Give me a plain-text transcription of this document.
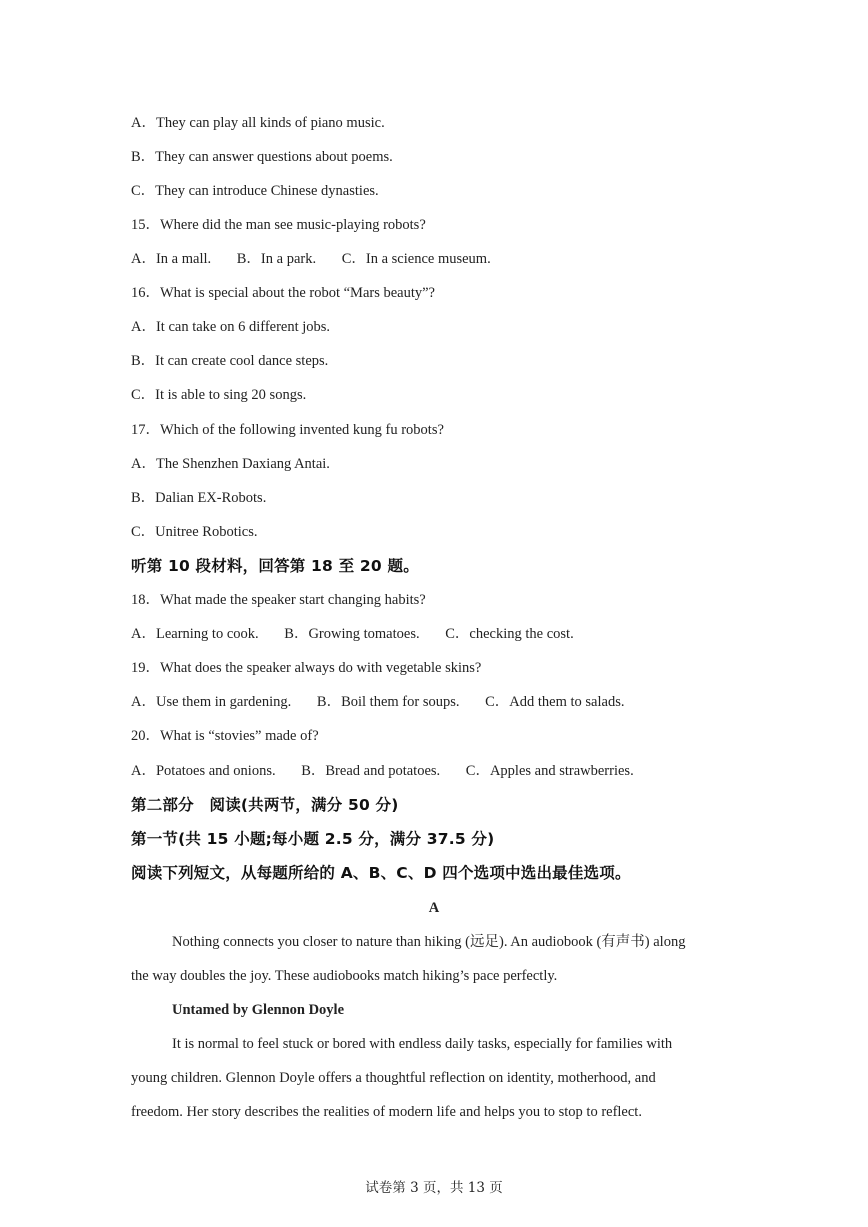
A．They can play all kinds of piano music.
B．They can answer questions about poems.
C．They can introduce Chinese dynasties.
15．Where did the man see music-playing robots?
A．In a mall. B．In a park. C．In a science museum.
16．What is special about the robot “Mars beauty”?
A．It can take on 6 different jobs.
B．It can create cool dance steps.
C．It is able to sing 20 songs.
17．Which of the following invented kung fu robots?
A．The Shenzhen Daxiang Antai.
B．Dalian EX-Robots.
C．Unitree Robotics.
听第 10 段材料，回答第 18 至 20 题。
18．What made the speaker start changing habits?
A．Learning to cook. B．Growing tomatoes. C．checking the cost.
19．What does the speaker always do with vegetable skins?
A．Use them in gardening. B．Boil them for soups. C．Add them to salads.
20．What is “stovies” made of?
A．Potatoes and onions. B．Bread and potatoes. C．Apples and strawberries.
第二部分　阅读(共两节，满分 50 分)
第一节(共 15 小题;每小题 2.5 分，满分 37.5 分)
阅读下列短文，从每题所给的 A、B、C、D 四个选项中选出最佳选项。
A
Nothing connects you closer to nature than hiking (远足). An audiobook (有声书) along
the way doubles the joy. These audiobooks match hiking’s pace perfectly.
Untamed by Glennon Doyle
It is normal to feel stuck or bored with endless daily tasks, especially for families with
young children. Glennon Doyle offers a thoughtful reflection on identity, motherhood, and
freedom. Her story describes the realities of modern life and helps you to stop to reflect.
试卷第 3 页，共 13 页
